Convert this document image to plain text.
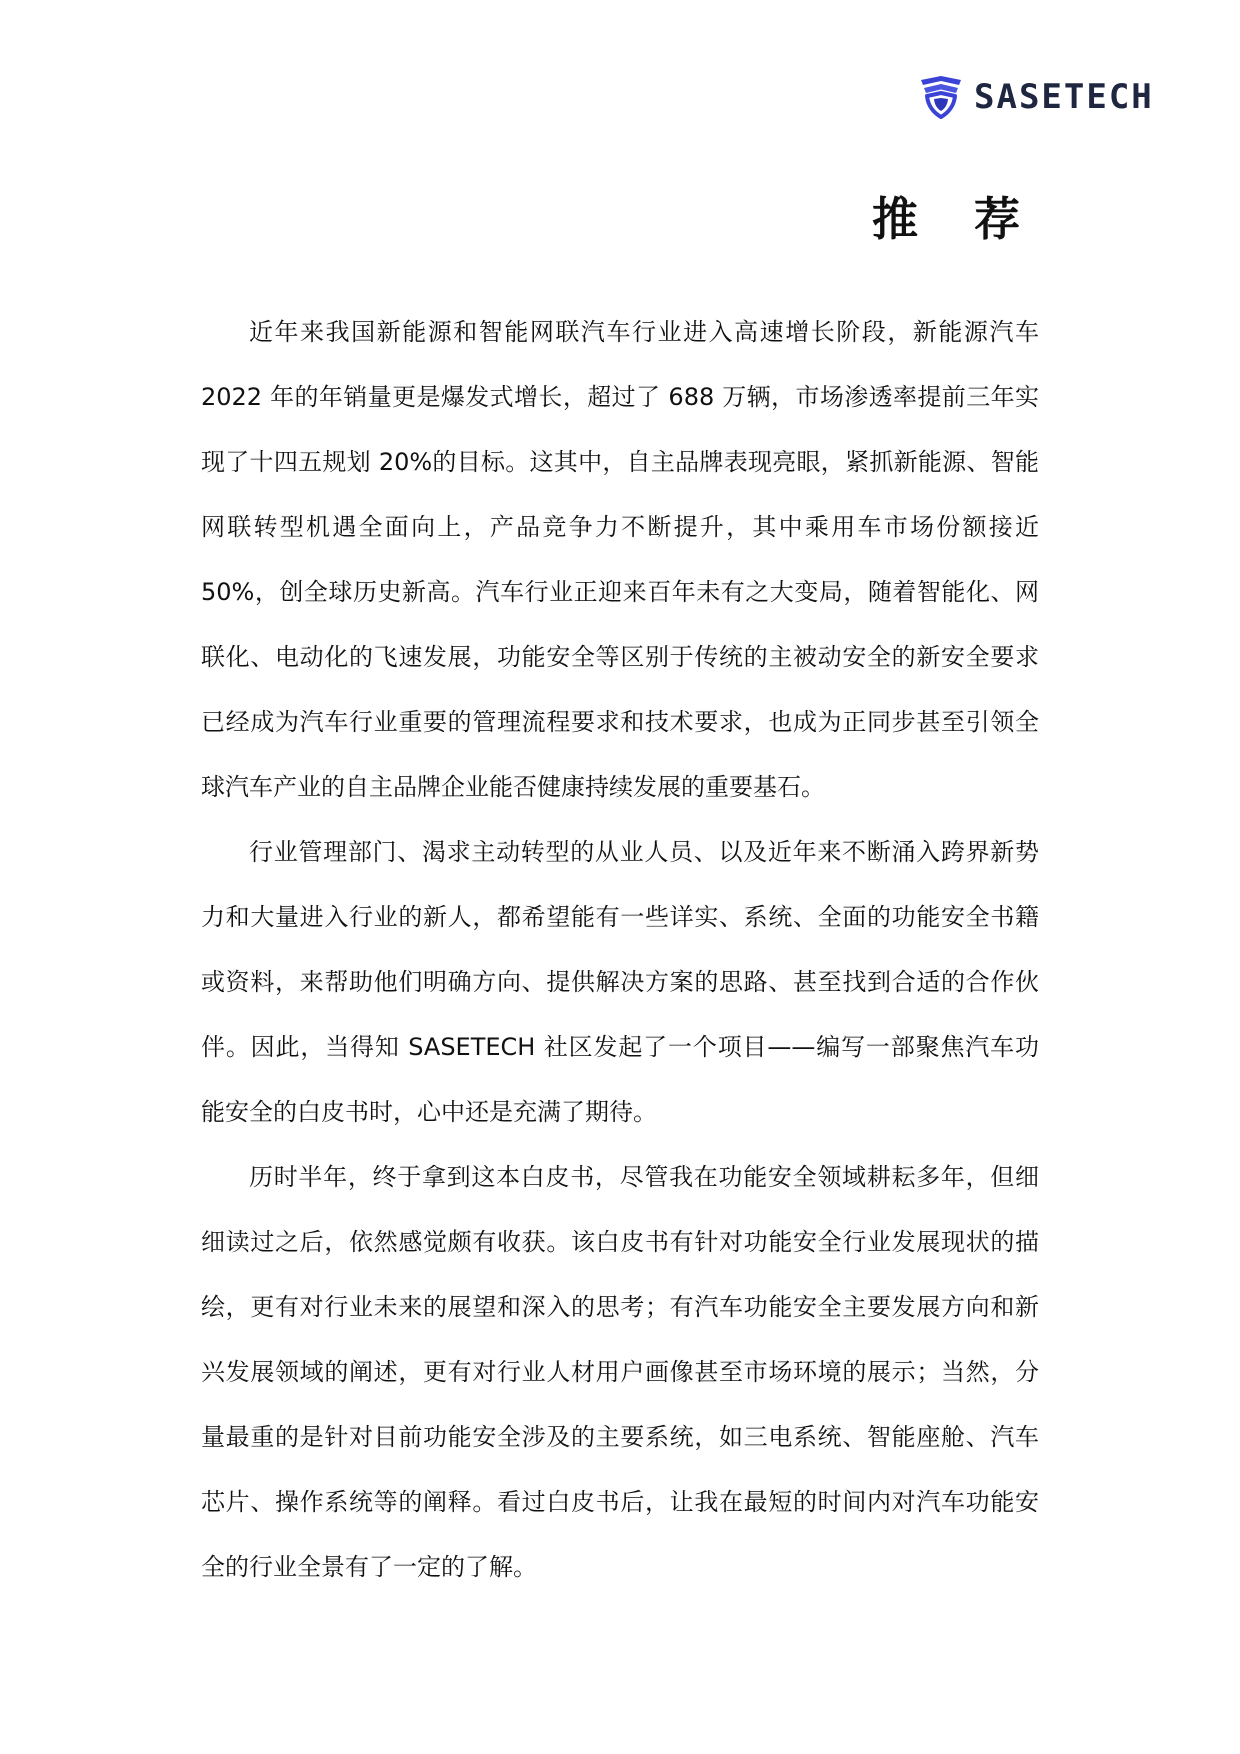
SASETECH
推 荐

近年来我国新能源和智能网联汽车行业进入高速增长阶段，新能源汽车 2022 年的年销量更是爆发式增长，超过了 688 万辆，市场渗透率提前三年实现了十四五规划 20%的目标。这其中，自主品牌表现亮眼，紧抓新能源、智能网联转型机遇全面向上，产品竞争力不断提升，其中乘用车市场份额接近 50%，创全球历史新高。汽车行业正迎来百年未有之大变局，随着智能化、网联化、电动化的飞速发展，功能安全等区别于传统的主被动安全的新安全要求已经成为汽车行业重要的管理流程要求和技术要求，也成为正同步甚至引领全球汽车产业的自主品牌企业能否健康持续发展的重要基石。

行业管理部门、渴求主动转型的从业人员、以及近年来不断涌入跨界新势力和大量进入行业的新人，都希望能有一些详实、系统、全面的功能安全书籍或资料，来帮助他们明确方向、提供解决方案的思路、甚至找到合适的合作伙伴。因此，当得知 SASETECH 社区发起了一个项目——编写一部聚焦汽车功能安全的白皮书时，心中还是充满了期待。

历时半年，终于拿到这本白皮书，尽管我在功能安全领域耕耘多年，但细细读过之后，依然感觉颇有收获。该白皮书有针对功能安全行业发展现状的描绘，更有对行业未来的展望和深入的思考；有汽车功能安全主要发展方向和新兴发展领域的阐述，更有对行业人材用户画像甚至市场环境的展示；当然，分量最重的是针对目前功能安全涉及的主要系统，如三电系统、智能座舱、汽车芯片、操作系统等的阐释。看过白皮书后，让我在最短的时间内对汽车功能安全的行业全景有了一定的了解。
